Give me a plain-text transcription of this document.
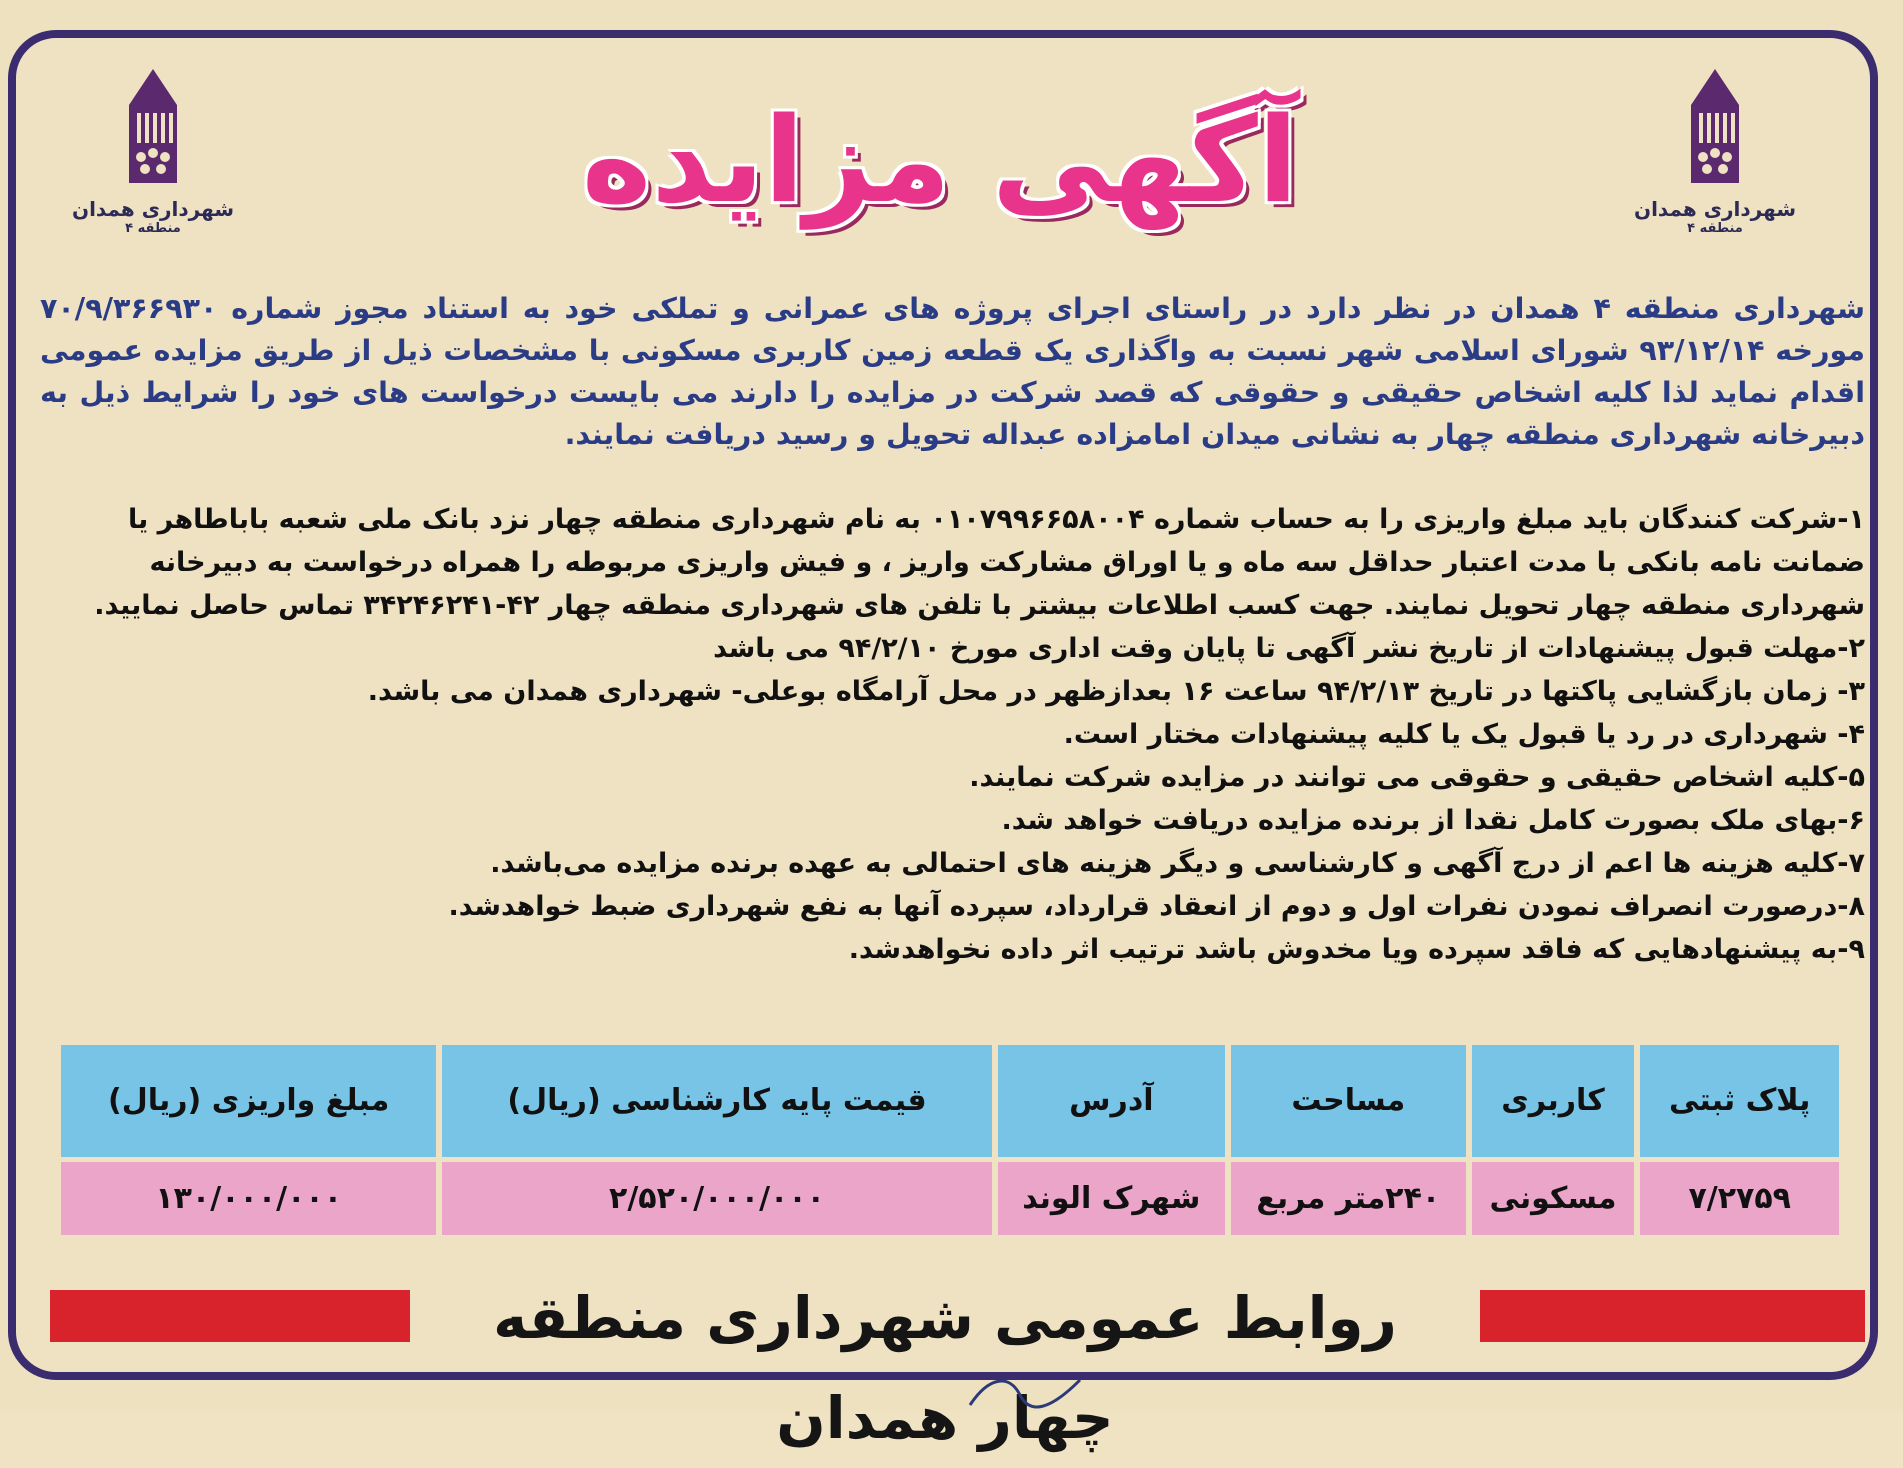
شهرداری همدان
منطقه ۴
شهرداری همدان
منطقه ۴
آگهی مزایده
شهرداری منطقه ۴ همدان در نظر دارد در راستای اجرای پروژه های عمرانی و تملکی خود به استناد مجوز شماره ۷۰/۹/۳۶۶۹۳۰ مورخه ۹۳/۱۲/۱۴ شورای اسلامی شهر نسبت به واگذاری یک قطعه زمین کاربری مسکونی با مشخصات ذیل از طریق مزایده عمومی اقدام نماید لذا کلیه اشخاص حقیقی و حقوقی که قصد شرکت در مزایده را دارند می بایست درخواست های خود را شرایط ذیل به دبیرخانه شهرداری منطقه چهار به نشانی میدان امامزاده عبداله تحویل و رسید دریافت نمایند.

۱-شرکت کنندگان باید مبلغ واریزی را به حساب شماره ۰۱۰۷۹۹۶۶۵۸۰۰۴ به نام شهرداری منطقه چهار نزد بانک ملی شعبه باباطاهر یا ضمانت نامه بانکی با مدت اعتبار حداقل سه ماه و یا اوراق مشارکت واریز ، و فیش واریزی مربوطه را همراه درخواست به دبیرخانه شهرداری منطقه چهار تحویل نمایند. جهت کسب اطلاعات بیشتر با تلفن های شهرداری منطقه چهار ۴۲-۳۴۲۴۶۲۴۱ تماس حاصل نمایید.

۲-مهلت قبول پیشنهادات از تاریخ نشر آگهی تا پایان وقت اداری مورخ ۹۴/۲/۱۰ می باشد

۳- زمان بازگشایی پاکتها در تاریخ ۹۴/۲/۱۳ ساعت ۱۶ بعدازظهر در محل آرامگاه بوعلی- شهرداری همدان می باشد.

۴- شهرداری در رد یا قبول یک یا کلیه پیشنهادات مختار است.

۵-کلیه اشخاص حقیقی و حقوقی می توانند در مزایده شرکت نمایند.

۶-بهای ملک بصورت کامل نقدا از برنده مزایده دریافت خواهد شد.

۷-کلیه هزینه ها اعم از درج آگهی و کارشناسی و دیگر هزینه های احتمالی به عهده برنده مزایده می‌باشد.

۸-درصورت انصراف نمودن نفرات اول و دوم از انعقاد قرارداد، سپرده آنها به نفع شهرداری ضبط خواهدشد.

۹-به پیشنهادهایی که فاقد سپرده ویا مخدوش باشد ترتیب اثر داده نخواهدشد.

پلاک ثبتی	کاربری	مساحت	آدرس	قیمت پایه کارشناسی (ریال)	مبلغ واریزی (ریال)
۷/۲۷۵۹	مسکونی	۲۴۰متر مربع	شهرک الوند	۲/۵۲۰/۰۰۰/۰۰۰	۱۳۰/۰۰۰/۰۰۰
روابط عمومی شهرداری منطقه چهار همدان
